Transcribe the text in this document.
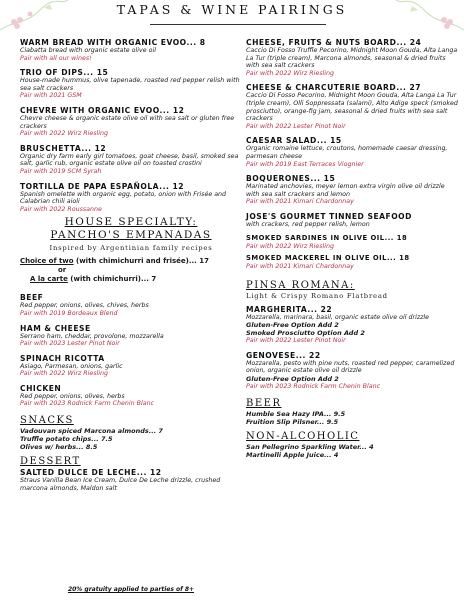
TAPAS & WINE PAIRINGS
WARM BREAD WITH ORGANIC EVOO... 8
Ciabatta bread with organic estate olive oil
Pair with all our wines!
TRIO OF DIPS... 15
House-made hummus, olive tapenade, roasted red pepper relish with sea salt crackers
Pair with 2021 GSM
CHEVRE WITH ORGANIC EVOO... 12
Chevre cheese & organic estate olive oil with sea salt or gluten free crackers
Pair with 2022 Wirz Riesling
BRUSCHETTA... 12
Organic dry farm early girl tomatoes, goat cheese, basil, smoked sea salt, garlic rub, organic estate olive oil on toasted crostini
Pair with 2019 SCM Syrah
TORTILLA DE PAPA ESPAÑOLA... 12
Spanish omelette with organic egg, potato, onion with Frisée and Calabrian chili aioli
Pair with 2022 Roussanne
HOUSE SPECIALTY:
PANCHO'S EMPANADAS
Inspired by Argentinian family recipes
Choice of two (with chimichurri and frisée)... 17
or
A la carte (with chimichurri)... 7
BEEF
Red pepper, onions, olives, chives, herbs
Pair with 2019 Bordeaux Blend
HAM & CHEESE
Serrano ham, cheddar, provolone, mozzarella
Pair with 2023 Lester Pinot Noir
SPINACH RICOTTA
Asiago, Parmesan, onions, garlic
Pair with 2022 Wirz Riesling
CHICKEN
Red pepper, onions, olives, herbs
Pair with 2023 Rodnick Farm Chenin Blanc
SNACKS
Vadouvan spiced Marcona almonds... 7
Truffle potato chips... 7.5
Olives w/ herbs... 8.5
DESSERT
SALTED DULCE DE LECHE... 12
Straus Vanilla Bean Ice Cream, Dulce De Leche drizzle, crushed marcona almonds, Maldon salt
20% gratuity applied to parties of 8+
CHEESE, FRUITS & NUTS BOARD... 24
Caccio Di Fosso Truffle Pecorino, Midnight Moon Gouda, Alta Langa La Tur (triple cream), Marcona almonds, seasonal & dried fruits with sea salt crackers
Pair with 2022 Wirz Riesling
CHEESE & CHARCUTERIE BOARD... 27
Caccio Di Fosso Pecorino, Midnight Moon Gouda, Alta Langa La Tur (triple cream), Olli Soppressata (salami), Alto Adige speck (smoked prosciutto), orange-fig jam, seasonal & dried fruits with sea salt crackers
Pair with 2022 Lester Pinot Noir
CAESAR SALAD... 15
Organic romaine lettuce, croutons, homemade caesar dressing, parmesan cheese
Pair with 2019 East Terraces Viognier
BOQUERONES... 15
Marinated anchovies, meyer lemon extra virgin olive oil drizzle with sea salt crackers and lemon
Pair with 2021 Kimari Chardonnay
JOSE'S GOURMET TINNED SEAFOOD
with crackers, red pepper relish, lemon
SMOKED SARDINES IN OLIVE OIL... 18
Pair with 2022 Wirz Riesling
SMOKED MACKEREL IN OLIVE OIL... 18
Pair with 2021 Kimari Chardonnay
PINSA ROMANA:
Light & Crispy Romano Flatbread
MARGHERITA... 22
Mozzarella, marinara, basil, organic estate olive oil drizzle
Gluten-Free Option Add 2
Smoked Prosciutto Option Add 2
Pair with 2022 Lester Pinot Noir
GENOVESE... 22
Mozzarella, pesto with pine nuts, roasted red pepper, caramelized onion, organic estate olive oil drizzle
Gluten-Free Option Add 2
Pair with 2023 Rodnick Farm Chenin Blanc
BEER
Humble Sea Hazy IPA... 9.5
Fruition Slip Pilsner... 9.5
NON-ALCOHOLIC
San Pellegrino Sparkling Water... 4
Martinelli Apple Juice... 4
